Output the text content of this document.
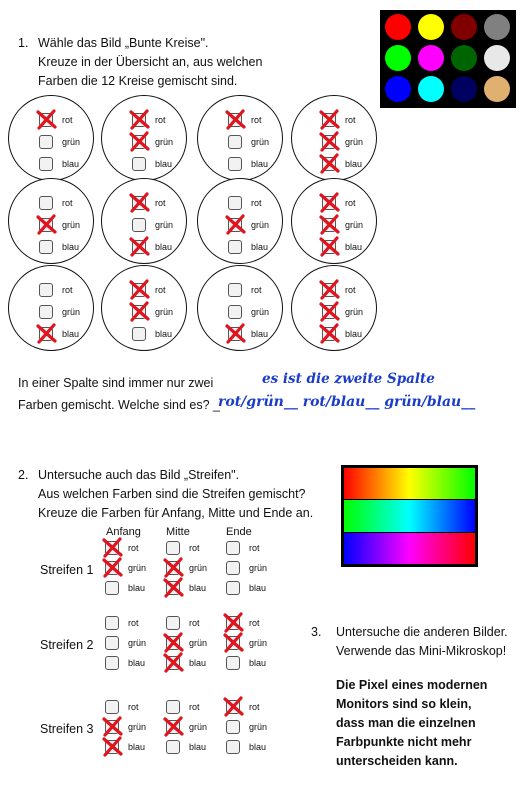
1. Wähle das Bild „Bunte Kreise".
Kreuze in der Übersicht an, aus welchen
Farben die 12 Kreise gemischt sind.
rot
grün
blau
rot
grün
blau
rot
grün
blau
rot
grün
blau
rot
grün
blau
rot
grün
blau
rot
grün
blau
rot
grün
blau
rot
grün
blau
rot
grün
blau
rot
grün
blau
rot
grün
blau
In einer Spalte sind immer nur zwei	es ist die zweite Spalte
Farben gemischt. Welche sind es? _
rot/grün__ rot/blau__ grün/blau__
2. Untersuche auch das Bild „Streifen".
Aus welchen Farben sind die Streifen gemischt?
Kreuze die Farben für Anfang, Mitte und Ende an.
Anfang Mitte	Ende
Streifen 1
rot	rot	rot
grün	grün	grün
blau	blau	blau
Streifen 2
rot	rot	rot
grün	grün	grün
blau	blau	blau
Streifen 3
rot	rot	rot
grün	grün	grün
blau	blau	blau
3. Untersuche die anderen Bilder.
Verwende das Mini-Mikroskop!
Die Pixel eines modernen
Monitors sind so klein,
dass man die einzelnen
Farbpunkte nicht mehr
unterscheiden kann.
